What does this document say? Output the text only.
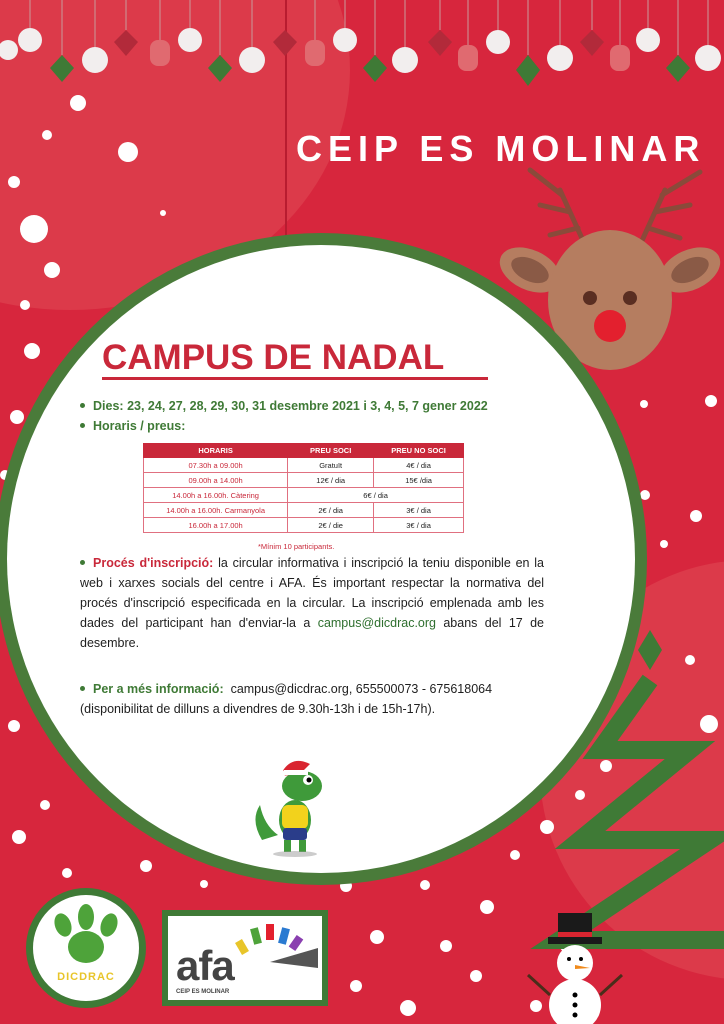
CEIP ES MOLINAR
CAMPUS DE NADAL
Dies: 23, 24, 27, 28, 29, 30, 31 desembre 2021 i 3, 4, 5, 7 gener 2022
Horaris / preus:
HORARIS	PREU SOCI	PREU NO SOCI
07.30h a 09.00h	Gratuït	4€ / dia
09.00h a 14.00h	12€ / dia	15€ /dia
14.00h a 16.00h. Càtering	6€ / dia	
14.00h a 16.00h. Carmanyola	2€ / dia	3€ / dia
16.00h a 17.00h	2€ / die	3€ / dia
*Mínim 10 participants.
Procés d'inscripció: la circular informativa i inscripció la teniu disponible en la web i xarxes socials del centre i AFA. És important respectar la normativa del procés d'inscripció especificada en la circular. La inscripció emplenada amb les dades del participant han d'enviar-la a campus@dicdrac.org abans del 17 de desembre.
Per a més informació: campus@dicdrac.org, 655500073 - 675618064 (disponibilitat de dilluns a divendres de 9.30h-13h i de 15h-17h).
DICDRAC	afa
CEIP ES MOLINAR
